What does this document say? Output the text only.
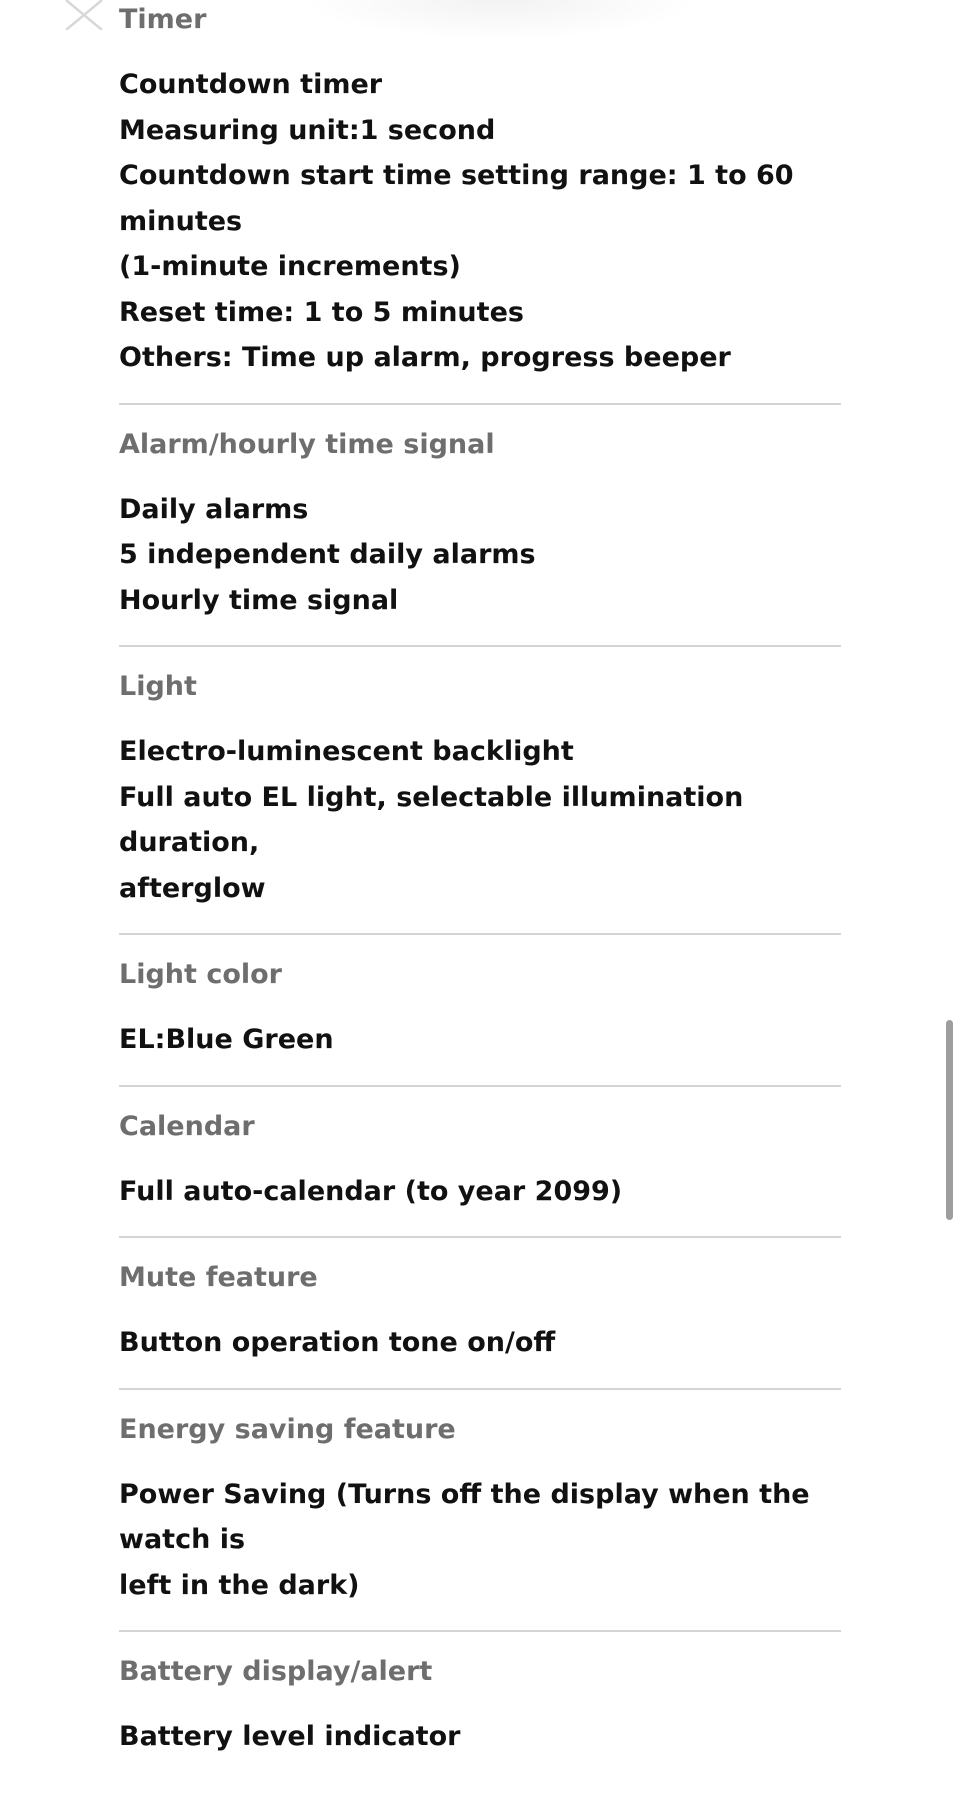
Timer
Countdown timer
Measuring unit:1 second
Countdown start time setting range: 1 to 60 minutes
(1-minute increments)
Reset time: 1 to 5 minutes
Others: Time up alarm, progress beeper
Alarm/hourly time signal
Daily alarms
5 independent daily alarms
Hourly time signal
Light
Electro-luminescent backlight
Full auto EL light, selectable illumination duration,
afterglow
Light color
EL:Blue Green
Calendar
Full auto-calendar (to year 2099)
Mute feature
Button operation tone on/off
Energy saving feature
Power Saving (Turns off the display when the watch is
left in the dark)
Battery display/alert
Battery level indicator
